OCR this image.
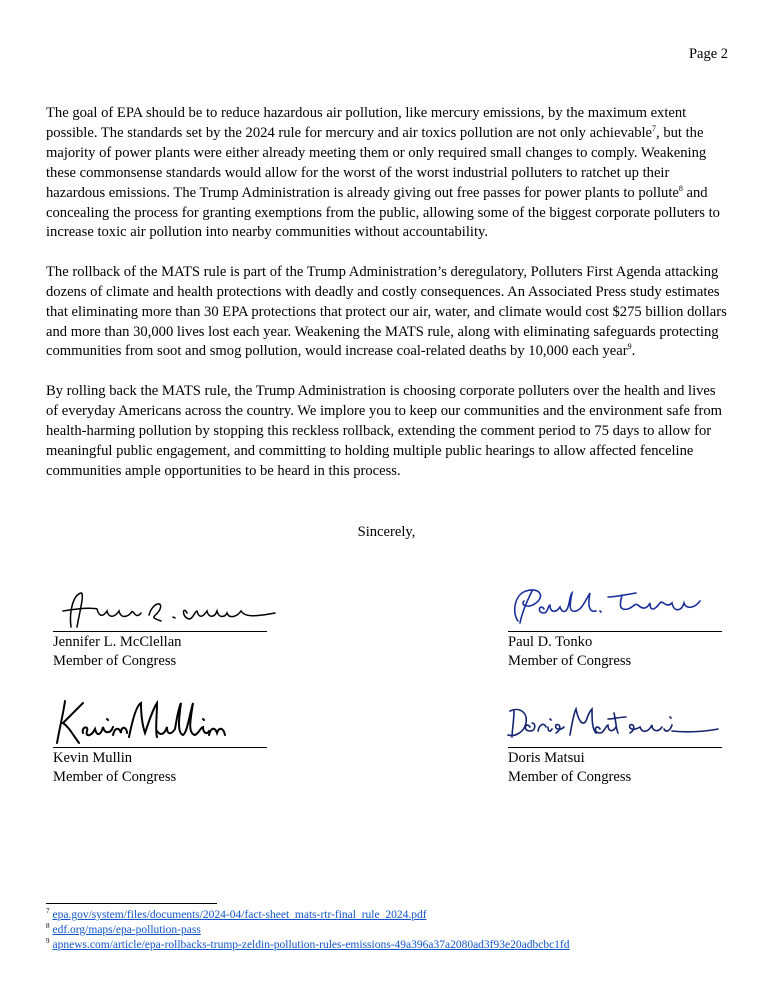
Page 2

The goal of EPA should be to reduce hazardous air pollution, like mercury emissions, by the maximum extent possible. The standards set by the 2024 rule for mercury and air toxics pollution are not only achievable$^7$, but the majority of power plants were either already meeting them or only required small changes to comply. Weakening these commonsense standards would allow for the worst of the worst industrial polluters to ratchet up their hazardous emissions. The Trump Administration is already giving out free passes for power plants to pollute$^8$ and concealing the process for granting exemptions from the public, allowing some of the biggest corporate polluters to increase toxic air pollution into nearby communities without accountability.

The rollback of the MATS rule is part of the Trump Administration’s deregulatory, Polluters First Agenda attacking dozens of climate and health protections with deadly and costly consequences. An Associated Press study estimates that eliminating more than 30 EPA protections that protect our air, water, and climate would cost $275 billion dollars and more than 30,000 lives lost each year. Weakening the MATS rule, along with eliminating safeguards protecting communities from soot and smog pollution, would increase coal-related deaths by 10,000 each year$^9$.

By rolling back the MATS rule, the Trump Administration is choosing corporate polluters over the health and lives of everyday Americans across the country. We implore you to keep our communities and the environment safe from health-harming pollution by stopping this reckless rollback, extending the comment period to 75 days to allow for meaningful public engagement, and committing to holding multiple public hearings to allow affected fenceline communities ample opportunities to be heard in this process.

Sincerely,
Jennifer L. McClellan
Member of Congress
Paul D. Tonko
Member of Congress
Kevin Mullin
Member of Congress
Doris Matsui
Member of Congress
$^7$ epa.gov/system/files/documents/2024-04/fact-sheet_mats-rtr-final_rule_2024.pdf
$^8$ edf.org/maps/epa-pollution-pass
$^9$ apnews.com/article/epa-rollbacks-trump-zeldin-pollution-rules-emissions-49a396a37a2080ad3f93e20adbcbc1fd
